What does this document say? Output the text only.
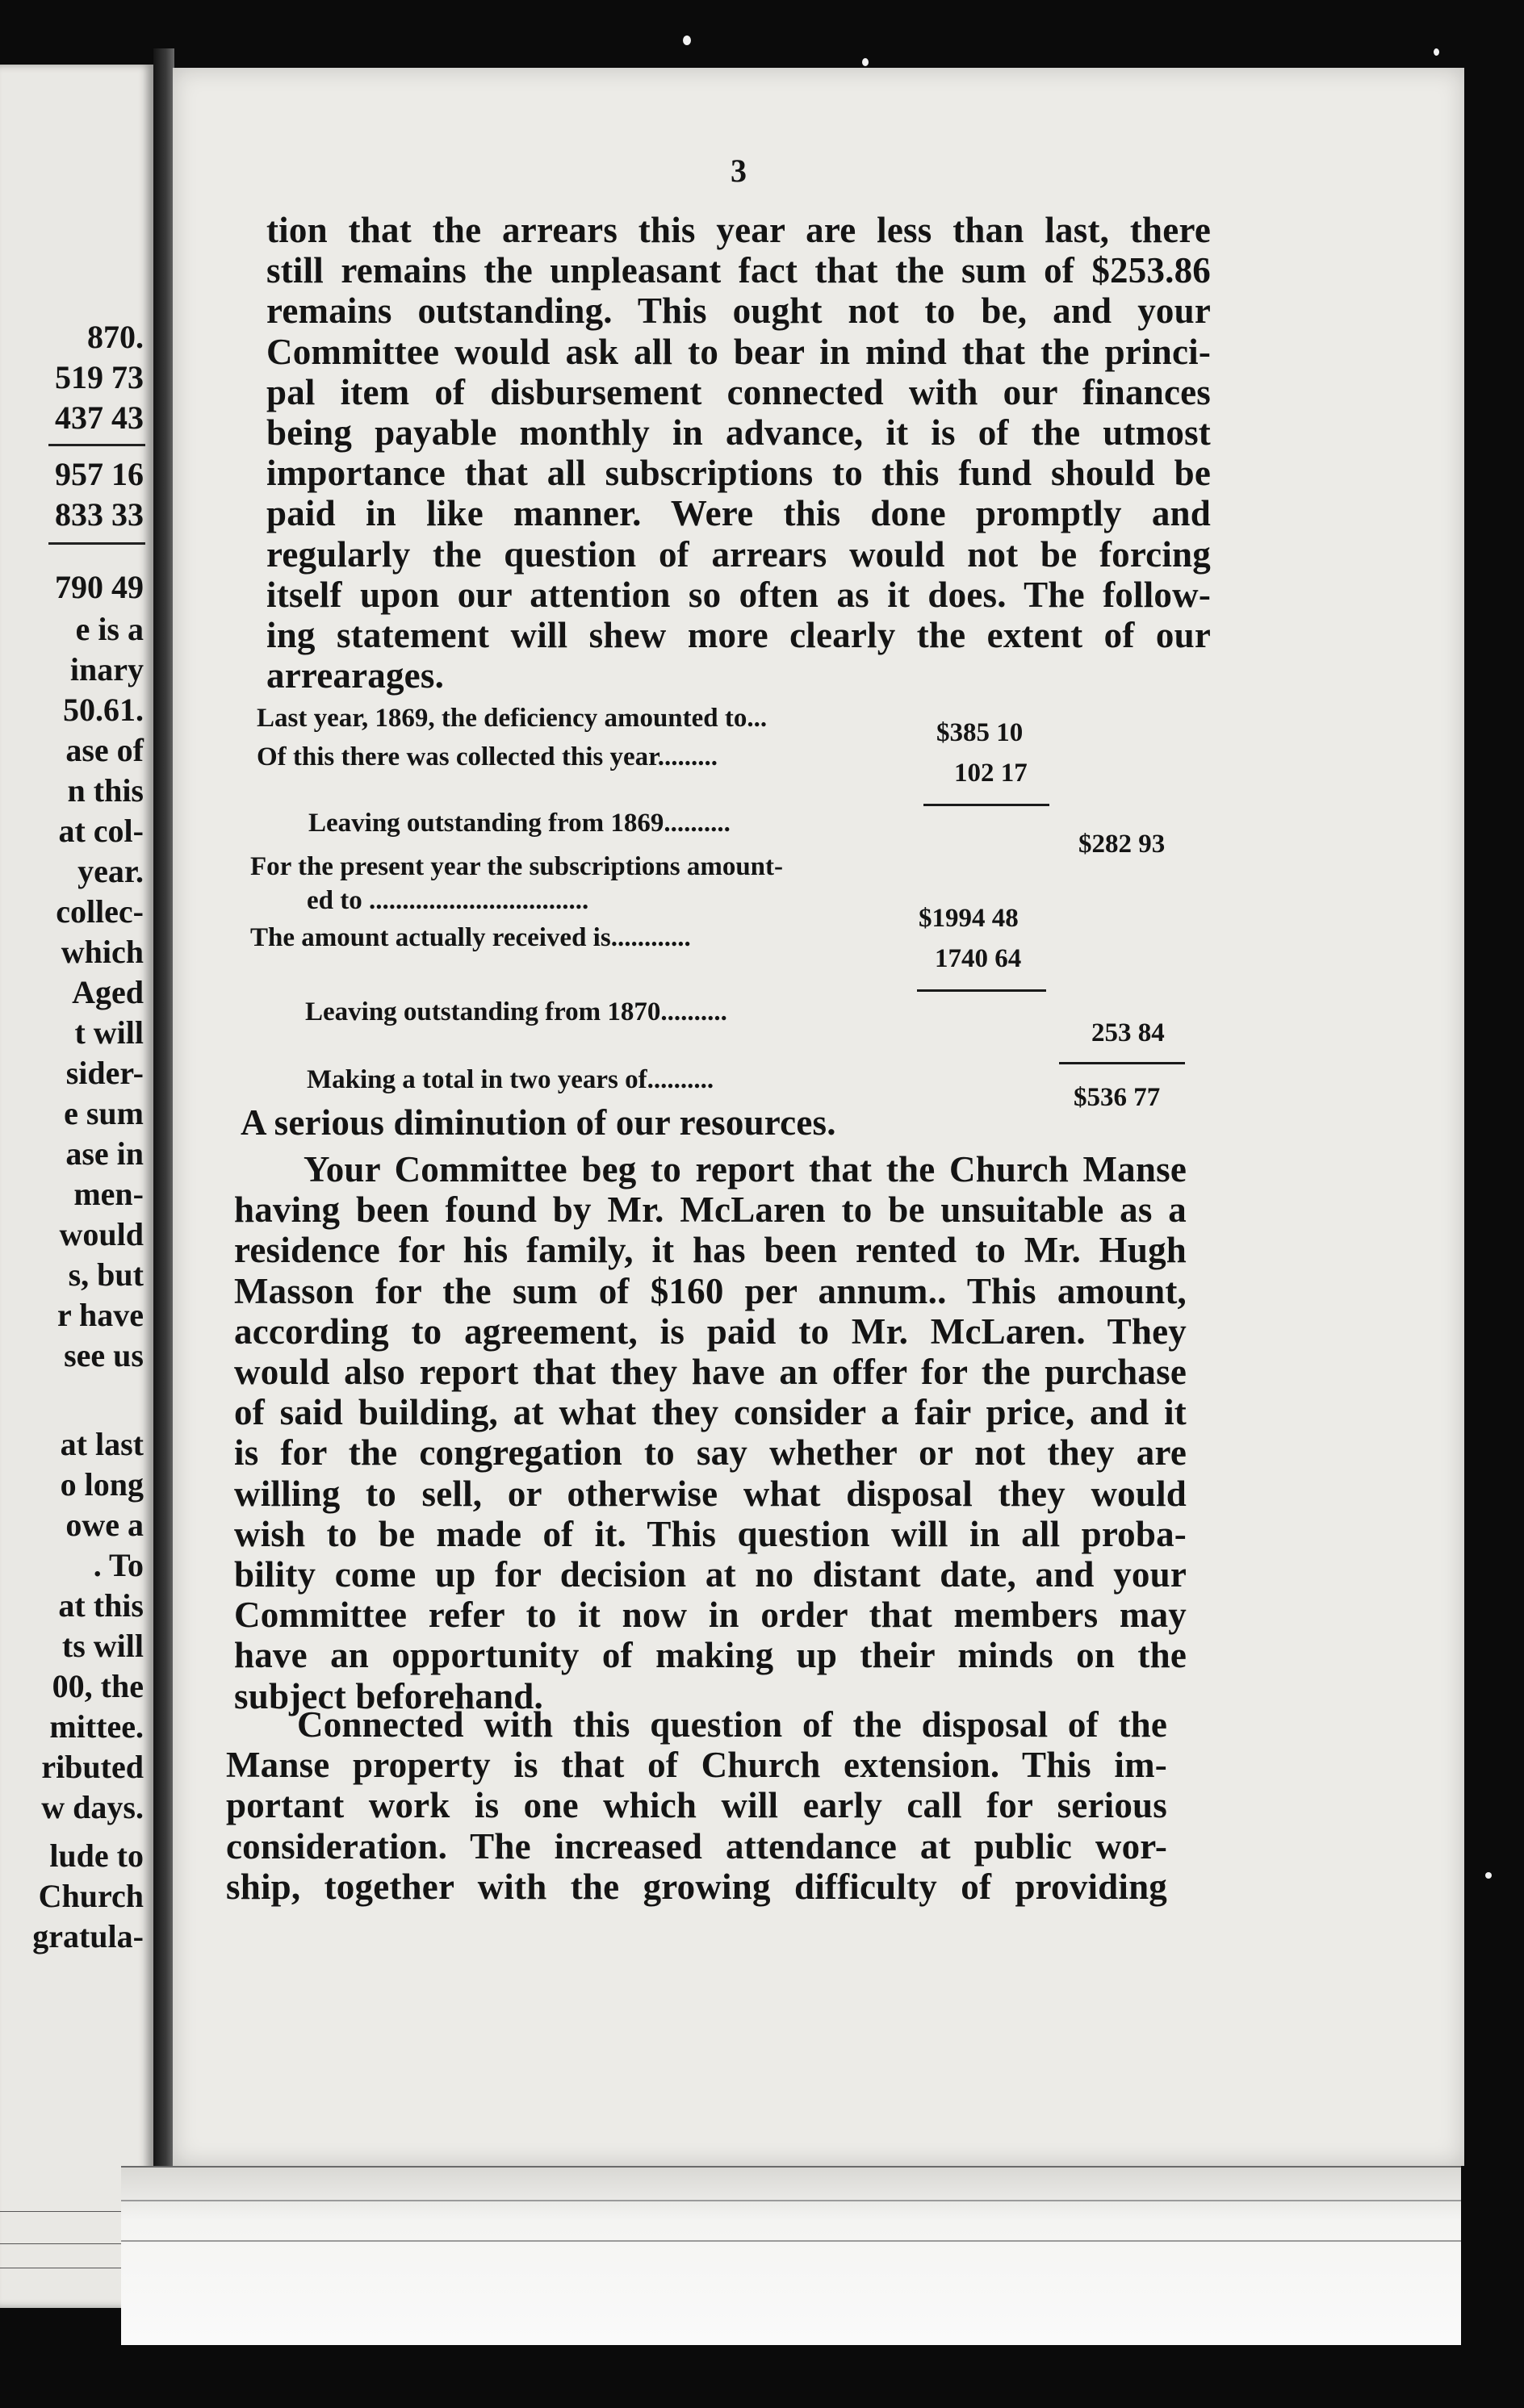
870.
519 73
437 43
957 16
833 33
790 49
e is a
inary
50.61.
ase of
n this
at col-
year.
collec-
which
Aged
t will
sider-
e sum
ase in
men-
would
s, but
r have
see us
at last
o long
owe a
. To
at this
ts will
00, the
mittee.
ributed
w days.
lude to
Church
gratula-
3
tion that the arrears this year are less than last, there
still remains the unpleasant fact that the sum of $253.86
remains outstanding. This ought not to be, and your
Committee would ask all to bear in mind that the princi-
pal item of disbursement connected with our finances
being payable monthly in advance, it is of the utmost
importance that all subscriptions to this fund should be
paid in like manner. Were this done promptly and
regularly the question of arrears would not be forcing
itself upon our attention so often as it does. The follow-
ing statement will shew more clearly the extent of our
arrearages.
Last year, 1869, the deficiency amounted to...	$385 10
Of this there was collected this year.........
102 17
Leaving outstanding from 1869..........
$282 93
For the present year the subscriptions amount-
ed to .................................
$1994 48
The amount actually received is............
1740 64
Leaving outstanding from 1870..........
253 84
Making a total in two years of..........
$536 77
A serious diminution of our resources.
Your Committee beg to report that the Church Manse
having been found by Mr. McLaren to be unsuitable as a
residence for his family, it has been rented to Mr. Hugh
Masson for the sum of $160 per annum.. This amount,
according to agreement, is paid to Mr. McLaren. They
would also report that they have an offer for the purchase
of said building, at what they consider a fair price, and it
is for the congregation to say whether or not they are
willing to sell, or otherwise what disposal they would
wish to be made of it. This question will in all proba-
bility come up for decision at no distant date, and your
Committee refer to it now in order that members may
have an opportunity of making up their minds on the
subject beforehand.
Connected with this question of the disposal of the
Manse property is that of Church extension. This im-
portant work is one which will early call for serious
consideration. The increased attendance at public wor-
ship, together with the growing difficulty of providing
